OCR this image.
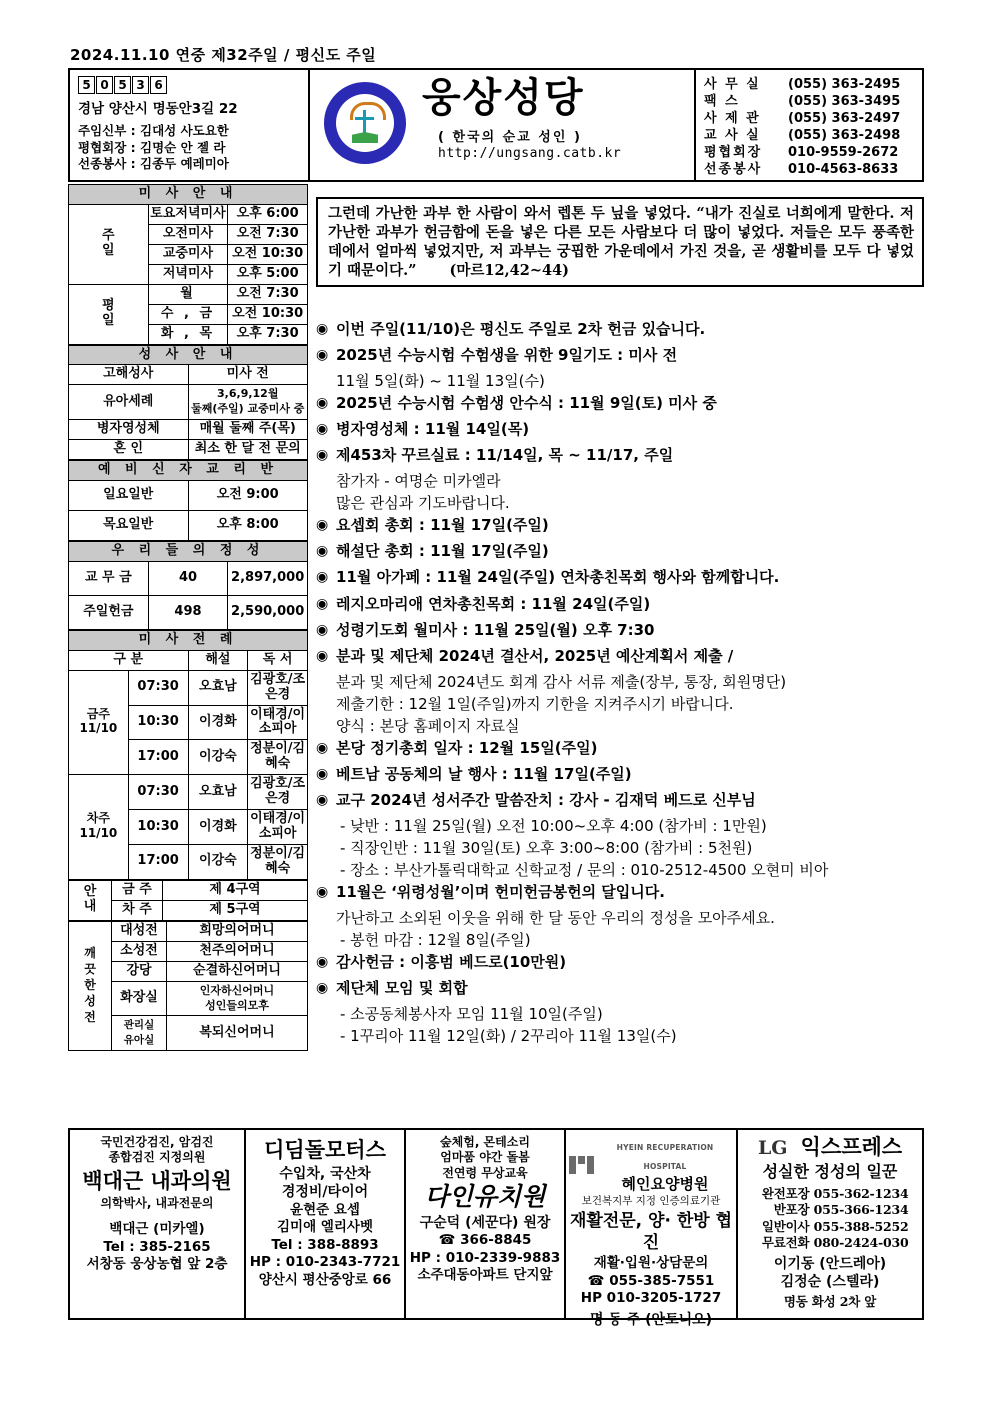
2024.11.10 연중 제32주일 / 평신도 주일
5 0 5 3 6
경남 양산시 명동안3길 22
주임신부 : 김대성 사도요한
평협회장 : 김명순 안 젤 라
선종봉사 : 김종두 예레미아
웅상성당
( 한국의 순교 성인 )
http://ungsang.catb.kr
사 무 실	(055) 363-2495
팩 스	(055) 363-3495
사 제 관	(055) 363-2497
교 사 실	(055) 363-2498
평협회장	010-9559-2672
선종봉사	010-4563-8633
미 사 안 내		
주
일	토요저녁미사	오후 6:00
	오전미사	오전 7:30
	교중미사	오전 10:30
	저녁미사	오후 5:00
평
일	월	오전 7:30
	수 , 금	오전 10:30
	화 , 목	오후 7:30
성 사 안 내	
고해성사	미사 전
유아세례	3,6,9,12월
둘째(주일) 교중미사 중
병자영성체	매월 둘째 주(목)
혼 인	최소 한 달 전 문의
예 비 신 자 교 리 반	
일요일반	오전 9:00
목요일반	오후 8:00
우 리 들 의 정 성		
교 무 금	40	2,897,000
주일헌금	498	2,590,000
미 사 전 례			
구 분		해설	독 서
금주
11/10	07:30	오효남	김광호/조은경
	10:30	이경화	이태경/이소피아
	17:00	이강숙	정분이/김혜숙
차주
11/10	07:30	오효남	김광호/조은경
	10:30	이경화	이태경/이소피아
	17:00	이강숙	정분이/김혜숙
안
내	금 주	제 4구역
	차 주	제 5구역
깨
끗
한
성
전	대성전	희망의어머니
	소성전	천주의어머니
	강당	순결하신어머니
	화장실	인자하신어머니
성인들의모후
	관리실
유아실	복되신어머니

그런데 가난한 과부 한 사람이 와서 렙톤 두 닢을 넣었다. “내가 진실로 너희에게 말한다. 저 가난한 과부가 헌금함에 돈을 넣은 다른 모든 사람보다 더 많이 넣었다. 저들은 모두 풍족한 데에서 얼마씩 넣었지만, 저 과부는 궁핍한 가운데에서 가진 것을, 곧 생활비를 모두 다 넣었기 때문이다.” (마르12,42~44)

◉ 이번 주일(11/10)은 평신도 주일로 2차 헌금 있습니다.
◉ 2025년 수능시험 수험생을 위한 9일기도 : 미사 전
11월 5일(화) ~ 11월 13일(수)
◉ 2025년 수능시험 수험생 안수식 : 11월 9일(토) 미사 중
◉ 병자영성체 : 11월 14일(목)
◉ 제453차 꾸르실료 : 11/14일, 목 ~ 11/17, 주일
참가자 - 여명순 미카엘라
많은 관심과 기도바랍니다.
◉ 요셉회 총회 : 11월 17일(주일)
◉ 해설단 총회 : 11월 17일(주일)
◉ 11월 아가페 : 11월 24일(주일) 연차총친목회 행사와 함께합니다.
◉ 레지오마리애 연차총친목회 : 11월 24일(주일)
◉ 성령기도회 월미사 : 11월 25일(월) 오후 7:30
◉ 분과 및 제단체 2024년 결산서, 2025년 예산계획서 제출 /
분과 및 제단체 2024년도 회계 감사 서류 제출(장부, 통장, 회원명단)
제출기한 : 12월 1일(주일)까지 기한을 지켜주시기 바랍니다.
양식 : 본당 홈페이지 자료실
◉ 본당 정기총회 일자 : 12월 15일(주일)
◉ 베트남 공동체의 날 행사 : 11월 17일(주일)
◉ 교구 2024년 성서주간 말씀잔치 : 강사 - 김재덕 베드로 신부님
- 낮반 : 11월 25일(월) 오전 10:00~오후 4:00 (참가비 : 1만원)
- 직장인반 : 11월 30일(토) 오후 3:00~8:00 (참가비 : 5천원)
- 장소 : 부산가톨릭대학교 신학교정 / 문의 : 010-2512-4500 오현미 비아
◉ 11월은 ‘위령성월’이며 헌미헌금봉헌의 달입니다.
가난하고 소외된 이웃을 위해 한 달 동안 우리의 정성을 모아주세요.
- 봉헌 마감 : 12월 8일(주일)
◉ 감사헌금 : 이흥범 베드로(10만원)
◉ 제단체 모임 및 회합
- 소공동체봉사자 모임 11월 10일(주일)
- 1꾸리아 11월 12일(화) / 2꾸리아 11월 13일(수)
국민건강검진, 암검진
종합검진 지정의원
백대근 내과의원
의학박사, 내과전문의
백대근 (미카엘)
Tel : 385-2165
서창동 웅상농협 앞 2층
디딤돌모터스
수입차, 국산차
경정비/타이어
윤현준 요셉
김미애 엘리사벳
Tel : 388-8893
HP : 010-2343-7721
양산시 평산중앙로 66
숲체험, 몬테소리
엄마품 야간 돌봄
전연령 무상교육
다인유치원
구순덕 (세꾼다) 원장
☎ 366-8845
HP : 010-2339-9883
소주대동아파트 단지앞
HYEIN RECUPERATION HOSPITAL
혜인요양병원
보건복지부 지정 인증의료기관
재활전문, 양· 한방 협진
재활·입원·상담문의
☎ 055-385-7551
HP 010-3205-1727
명 동 주 (안토니오)
LG 익스프레스
성실한 정성의 일꾼
완전포장 055-362-1234
반포장 055-366-1234
일반이사 055-388-5252
무료전화 080-2424-030
이기동 (안드레아)
김정순 (스텔라)
명동 화성 2차 앞
